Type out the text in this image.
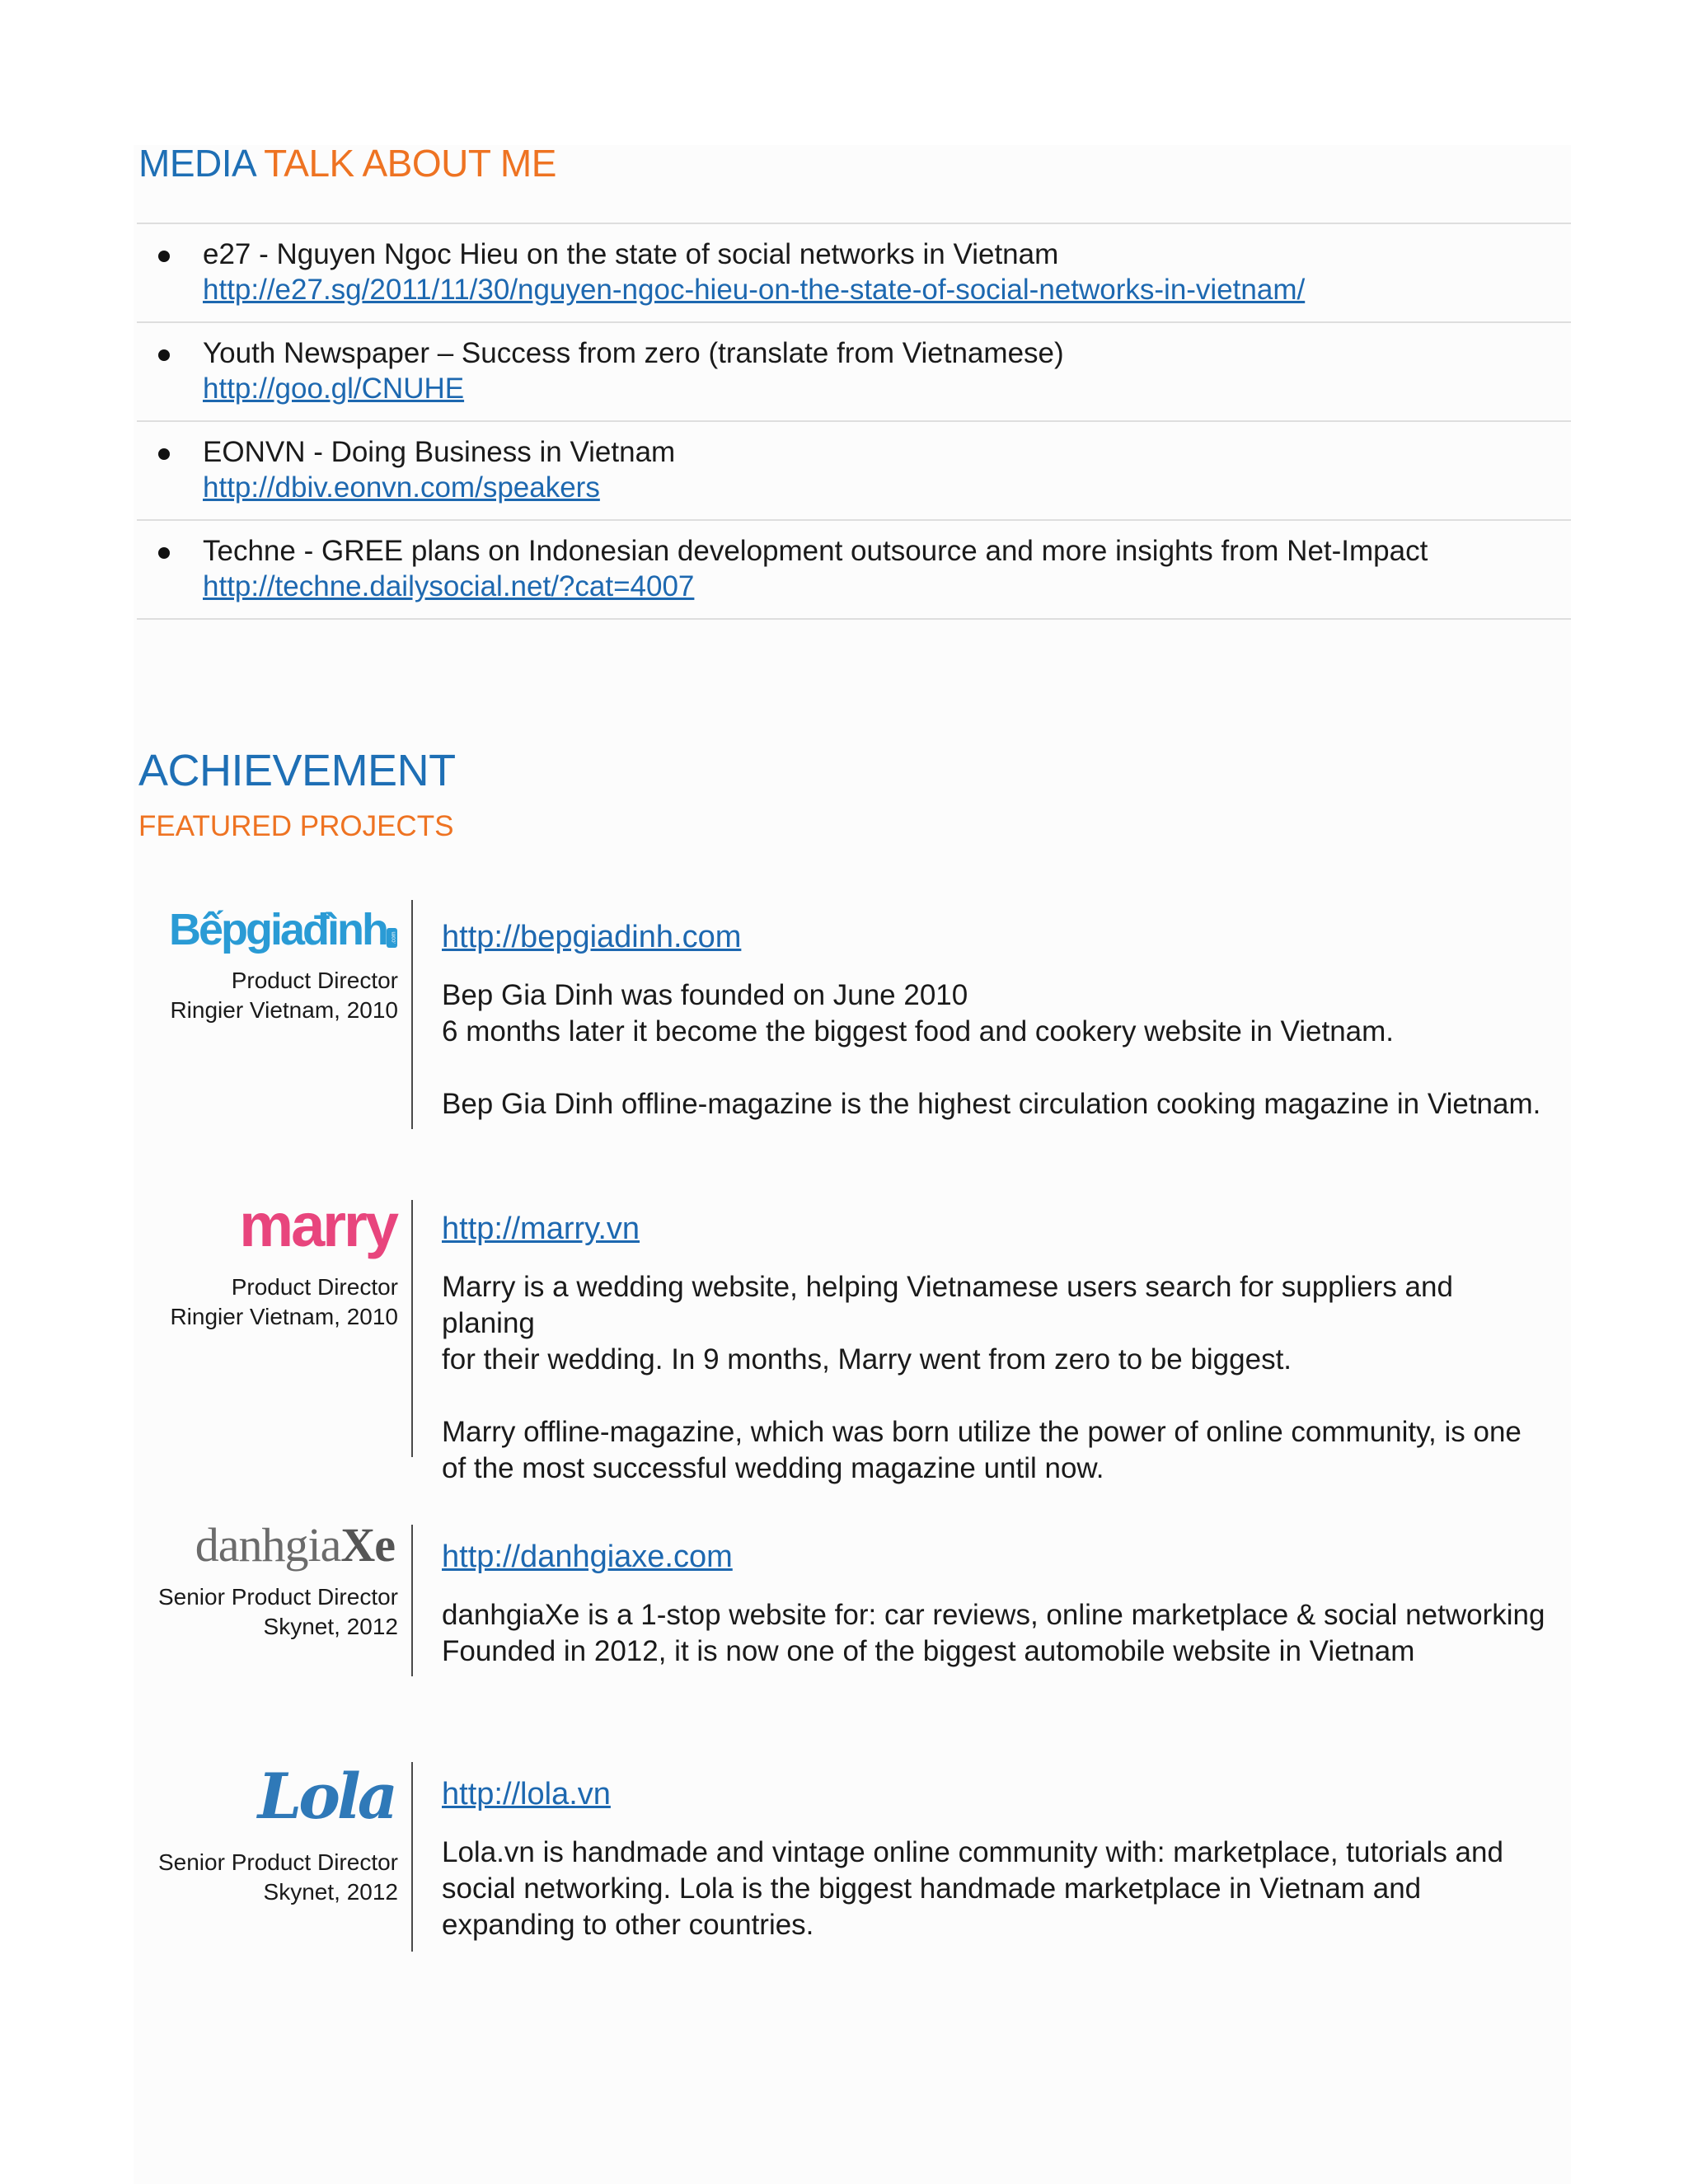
MEDIA TALK ABOUT ME
e27 - Nguyen Ngoc Hieu on the state of social networks in Vietnam
http://e27.sg/2011/11/30/nguyen-ngoc-hieu-on-the-state-of-social-networks-in-vietnam/
Youth Newspaper – Success from zero (translate from Vietnamese)
http://goo.gl/CNUHE
EONVN - Doing Business in Vietnam
http://dbiv.eonvn.com/speakers
Techne - GREE plans on Indonesian development outsource and more insights from Net-Impact
http://techne.dailysocial.net/?cat=4007
ACHIEVEMENT
FEATURED PROJECTS
Bếpgiađình .com
Product Director
Ringier Vietnam, 2010
http://bepgiadinh.com
Bep Gia Dinh was founded on June 2010
6 months later it become the biggest food and cookery website in Vietnam.
Bep Gia Dinh offline-magazine is the highest circulation cooking magazine in Vietnam.
marry
Product Director
Ringier Vietnam, 2010
http://marry.vn
Marry is a wedding website, helping Vietnamese users search for suppliers and planing
for their wedding. In 9 months, Marry went from zero to be biggest.
Marry offline-magazine, which was born utilize the power of online community, is one
of the most successful wedding magazine until now.
danhgiaXe
Senior Product Director
Skynet, 2012
http://danhgiaxe.com
danhgiaXe is a 1-stop website for: car reviews, online marketplace & social networking
Founded in 2012, it is now one of the biggest automobile website in Vietnam
Lola
Senior Product Director
Skynet, 2012
http://lola.vn
Lola.vn is handmade and vintage online community with: marketplace, tutorials and
social networking. Lola is the biggest handmade marketplace in Vietnam and
expanding to other countries.
